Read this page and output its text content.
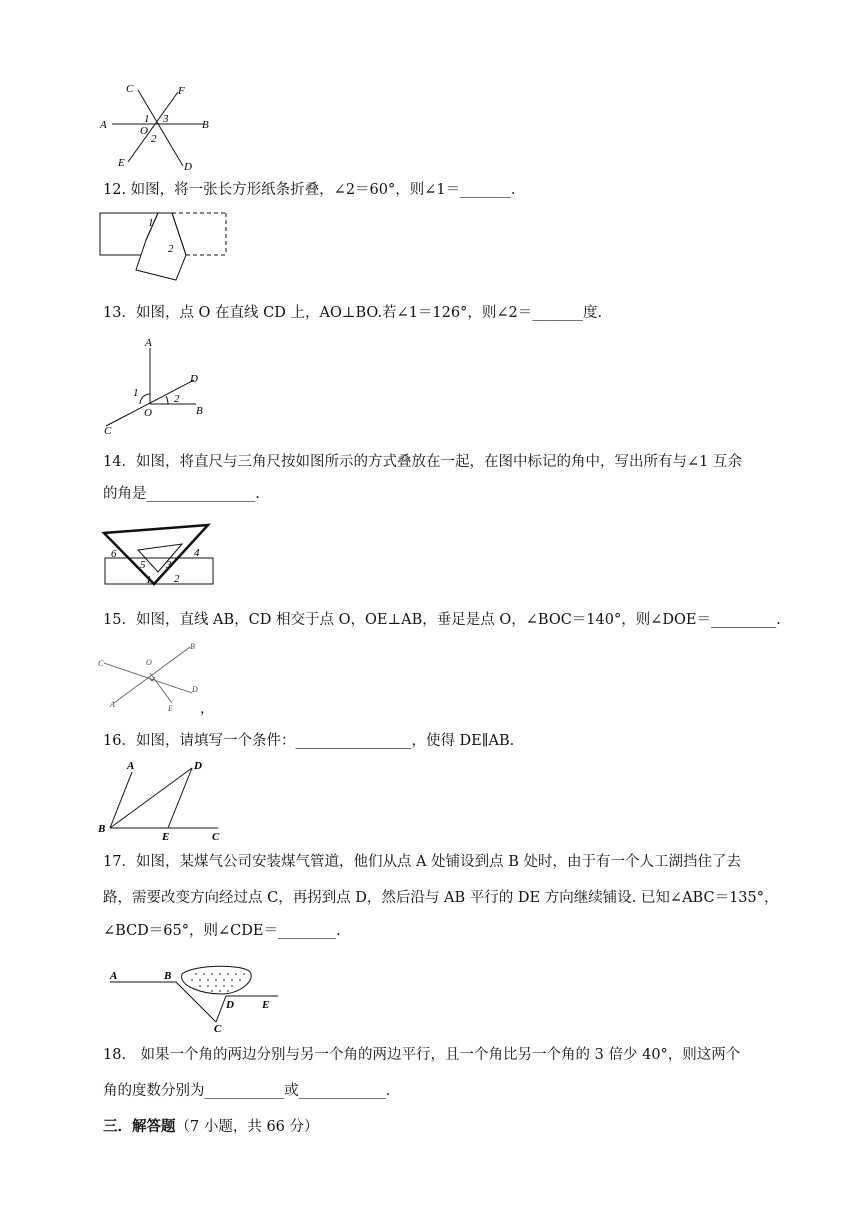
A	B
C
D
E
F
O
1
2
3
12. 如图，将一张长方形纸条折叠，∠2＝60°，则∠1＝_______.
1
2
13．如图，点 O 在直线 CD 上，AO⊥BO.若∠1＝126°，则∠2＝_______度.
A
B
C
D
O
1	2
14．如图，将直尺与三角尺按如图所示的方式叠放在一起，在图中标记的角中，写出所有与∠1 互余
的角是_______________.
6	4
5 3
1 2
15．如图，直线 AB，CD 相交于点 O，OE⊥AB，垂足是点 O，∠BOC＝140°，则∠DOE＝_________.
C
B
O
D
A	E ，
16．如图，请填写一个条件：________________，使得 DE∥AB.
A
B
C
D
E
17．如图，某煤气公司安装煤气管道，他们从点 A 处铺设到点 B 处时，由于有一个人工湖挡住了去
路，需要改变方向经过点 C，再拐到点 D，然后沿与 AB 平行的 DE 方向继续铺设. 已知∠ABC＝135°，
∠BCD＝65°，则∠CDE＝________.
A	B
C
D	E
18.　如果一个角的两边分别与另一个角的两边平行，且一个角比另一个角的 3 倍少 40°，则这两个
角的度数分别为___________或____________.
三．解答题（7 小题，共 66 分）
